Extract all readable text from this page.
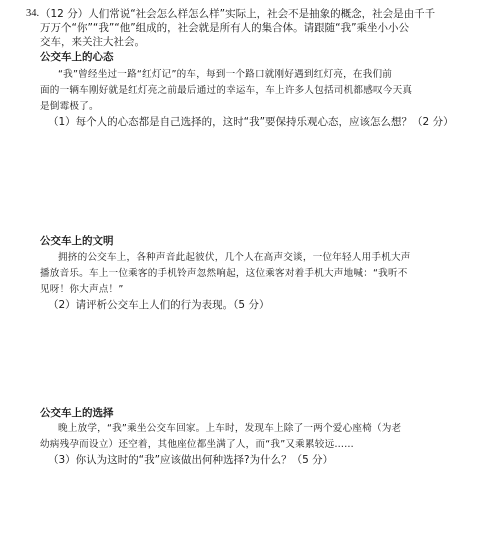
34. （12 分）人们常说“社会怎么样怎么样”实际上，社会不是抽象的概念，社会是由千千
万万个“你”“我”“他”组成的，社会就是所有人的集合体。请跟随“我”乘坐小小公
交车，来关注大社会。
公交车上的心态
“我”曾经坐过一路“红灯记”的车，每到一个路口就刚好遇到红灯亮，在我们前
面的一辆车刚好就是红灯亮之前最后通过的幸运车，车上许多人包括司机都感叹今天真
是倒霉极了。
（1）每个人的心态都是自己选择的，这时“我”要保持乐观心态，应该怎么想？（2 分）
公交车上的文明
拥挤的公交车上，各种声音此起彼伏，几个人在高声交谈，一位年轻人用手机大声
播放音乐。车上一位乘客的手机铃声忽然响起，这位乘客对着手机大声地喊：“我听不
见呀！你大声点！”
（2）请评析公交车上人们的行为表现。（5 分）
公交车上的选择
晚上放学，“我”乘坐公交车回家。上车时，发现车上除了一两个爱心座椅（为老
幼病残孕而设立）还空着，其他座位都坐满了人，而“我”又乘累较远……
（3）你认为这时的“我”应该做出何种选择?为什么？（5 分）
